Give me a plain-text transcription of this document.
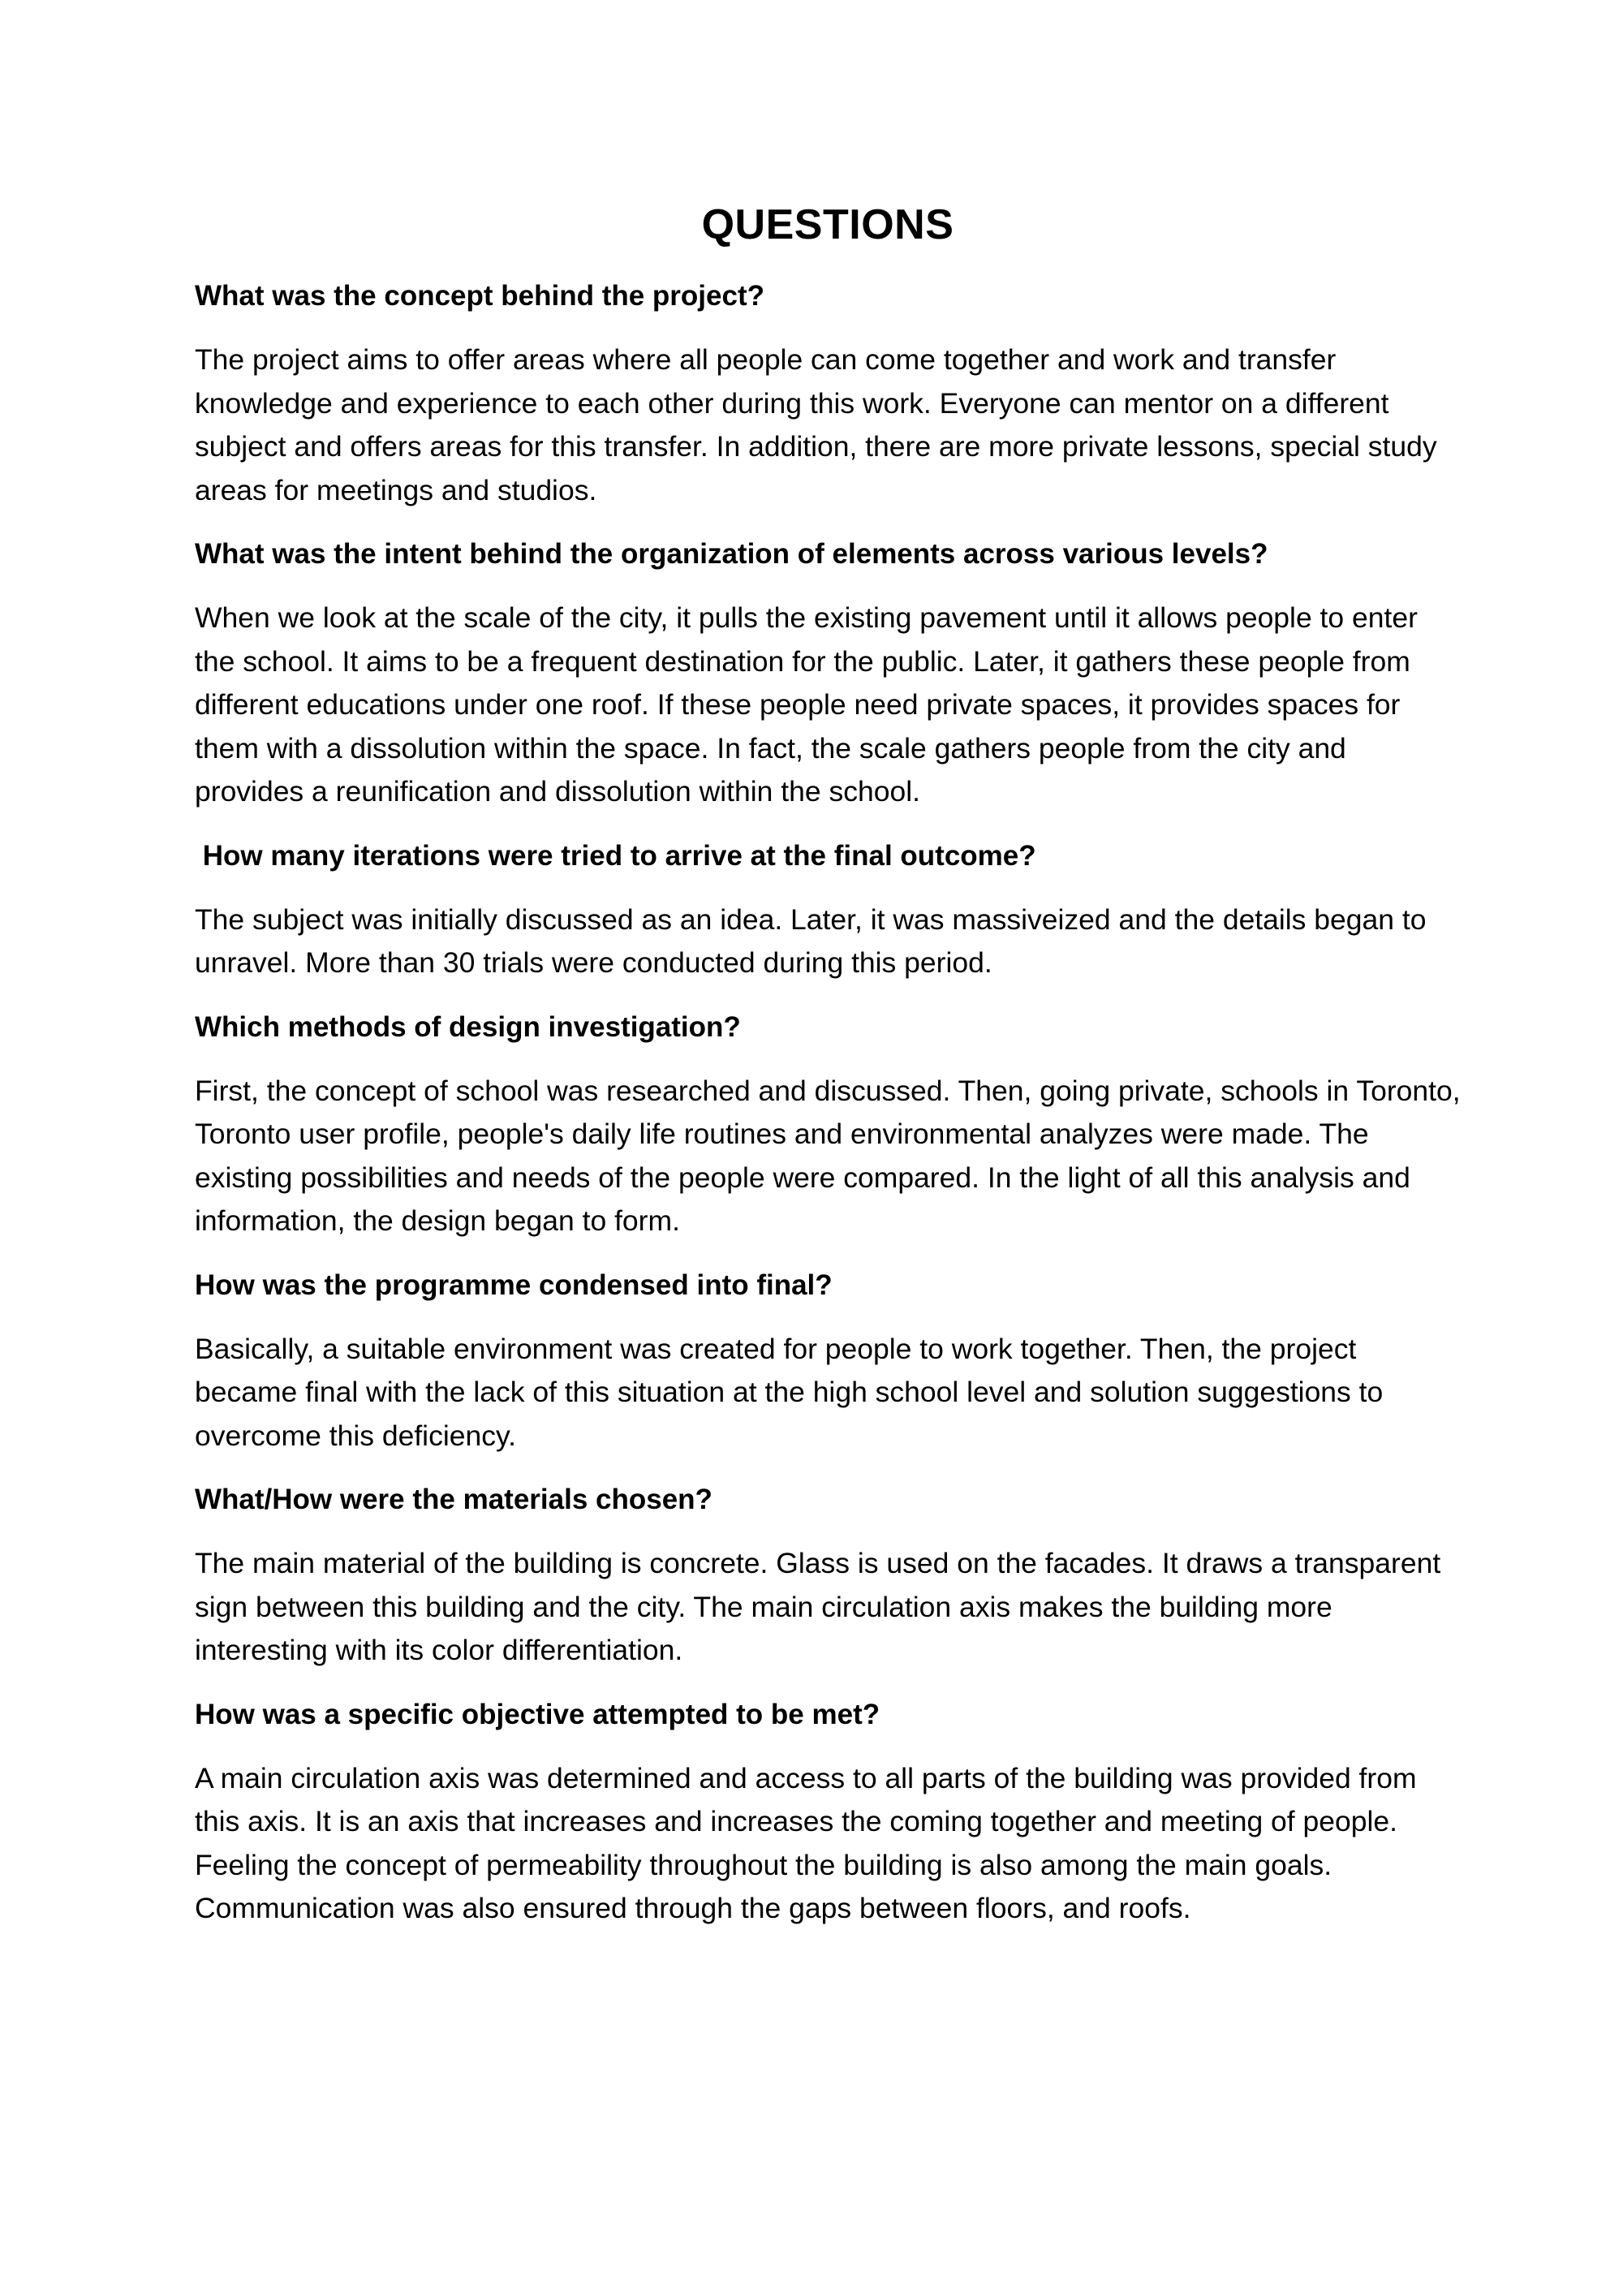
QUESTIONS

What was the concept behind the project?

The project aims to offer areas where all people can come together and work and transfer knowledge and experience to each other during this work. Everyone can mentor on a different subject and offers areas for this transfer. In addition, there are more private lessons, special study areas for meetings and studios.

What was the intent behind the organization of elements across various levels?

When we look at the scale of the city, it pulls the existing pavement until it allows people to enter the school. It aims to be a frequent destination for the public. Later, it gathers these people from different educations under one roof. If these people need private spaces, it provides spaces for them with a dissolution within the space. In fact, the scale gathers people from the city and provides a reunification and dissolution within the school.

How many iterations were tried to arrive at the final outcome?

The subject was initially discussed as an idea. Later, it was massiveized and the details began to unravel. More than 30 trials were conducted during this period.

Which methods of design investigation?

First, the concept of school was researched and discussed. Then, going private, schools in Toronto, Toronto user profile, people's daily life routines and environmental analyzes were made. The existing possibilities and needs of the people were compared. In the light of all this analysis and information, the design began to form.

How was the programme condensed into final?

Basically, a suitable environment was created for people to work together. Then, the project became final with the lack of this situation at the high school level and solution suggestions to overcome this deficiency.

What/How were the materials chosen?

The main material of the building is concrete. Glass is used on the facades. It draws a transparent sign between this building and the city. The main circulation axis makes the building more interesting with its color differentiation.

How was a specific objective attempted to be met?

A main circulation axis was determined and access to all parts of the building was provided from this axis. It is an axis that increases and increases the coming together and meeting of people. Feeling the concept of permeability throughout the building is also among the main goals. Communication was also ensured through the gaps between floors, and roofs.
